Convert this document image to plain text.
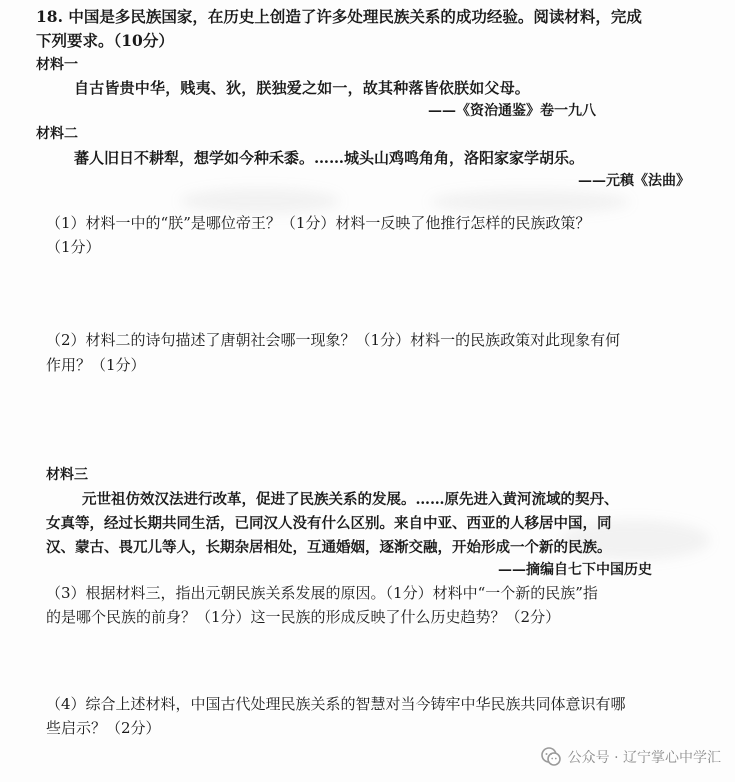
18. 中国是多民族国家，在历史上创造了许多处理民族关系的成功经验。阅读材料，完成
下列要求。（10分）
材料一
自古皆贵中华，贱夷、狄，朕独爱之如一，故其种落皆依朕如父母。
——《资治通鉴》卷一九八
材料二
蕃人旧日不耕犁，想学如今种禾黍。……城头山鸡鸣角角，洛阳家家学胡乐。
——元稹《法曲》
（1）材料一中的“朕”是哪位帝王？（1分）材料一反映了他推行怎样的民族政策？
（1分）
（2）材料二的诗句描述了唐朝社会哪一现象？（1分）材料一的民族政策对此现象有何
作用？（1分）
材料三
元世祖仿效汉法进行改革，促进了民族关系的发展。……原先进入黄河流域的契丹、
女真等，经过长期共同生活，已同汉人没有什么区别。来自中亚、西亚的人移居中国，同
汉、蒙古、畏兀儿等人，长期杂居相处，互通婚姻，逐渐交融，开始形成一个新的民族。
——摘编自七下中国历史
（3）根据材料三，指出元朝民族关系发展的原因。（1分）材料中“一个新的民族”指
的是哪个民族的前身？（1分）这一民族的形成反映了什么历史趋势？（2分）
（4）综合上述材料，中国古代处理民族关系的智慧对当今铸牢中华民族共同体意识有哪
些启示？（2分）
公众号 · 辽宁掌心中学汇
